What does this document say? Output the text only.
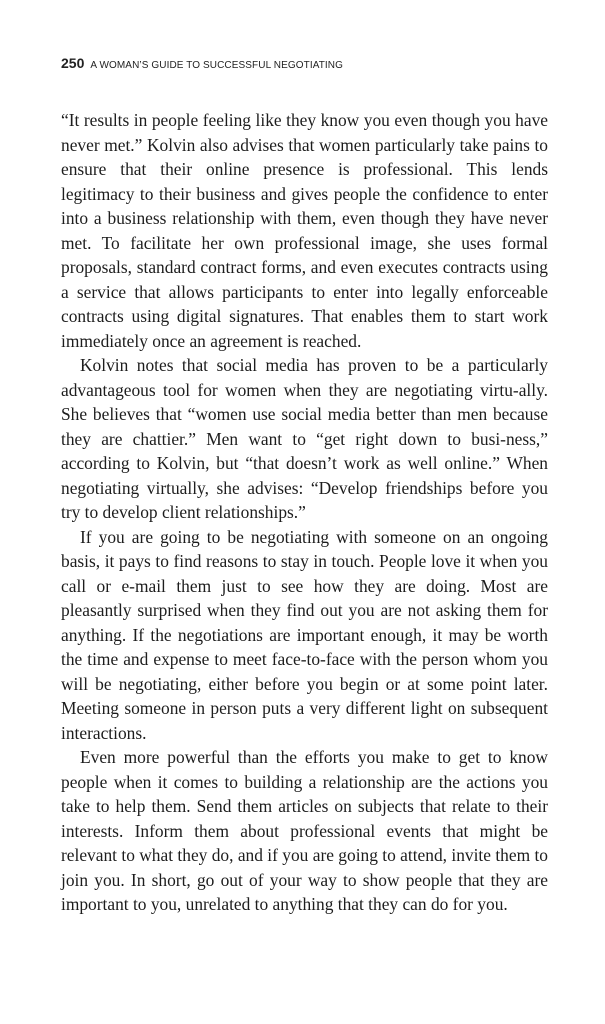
250 A WOMAN’S GUIDE TO SUCCESSFUL NEGOTIATING

“It results in people feeling like they know you even though you have never met.” Kolvin also advises that women particularly take pains to ensure that their online presence is professional. This lends legitimacy to their business and gives people the confidence to enter into a business relationship with them, even though they have never met. To facilitate her own professional image, she uses formal proposals, standard contract forms, and even executes contracts using a service that allows participants to enter into legally enforceable contracts using digital signatures. That enables them to start work immediately once an agreement is reached.

Kolvin notes that social media has proven to be a particularly advantageous tool for women when they are negotiating virtu-ally. She believes that “women use social media better than men because they are chattier.” Men want to “get right down to busi-ness,” according to Kolvin, but “that doesn’t work as well online.” When negotiating virtually, she advises: “Develop friendships before you try to develop client relationships.”

If you are going to be negotiating with someone on an ongoing basis, it pays to find reasons to stay in touch. People love it when you call or e-mail them just to see how they are doing. Most are pleasantly surprised when they find out you are not asking them for anything. If the negotiations are important enough, it may be worth the time and expense to meet face-to-face with the person whom you will be negotiating, either before you begin or at some point later. Meeting someone in person puts a very different light on subsequent interactions.

Even more powerful than the efforts you make to get to know people when it comes to building a relationship are the actions you take to help them. Send them articles on subjects that relate to their interests. Inform them about professional events that might be relevant to what they do, and if you are going to attend, invite them to join you. In short, go out of your way to show people that they are important to you, unrelated to anything that they can do for you.
